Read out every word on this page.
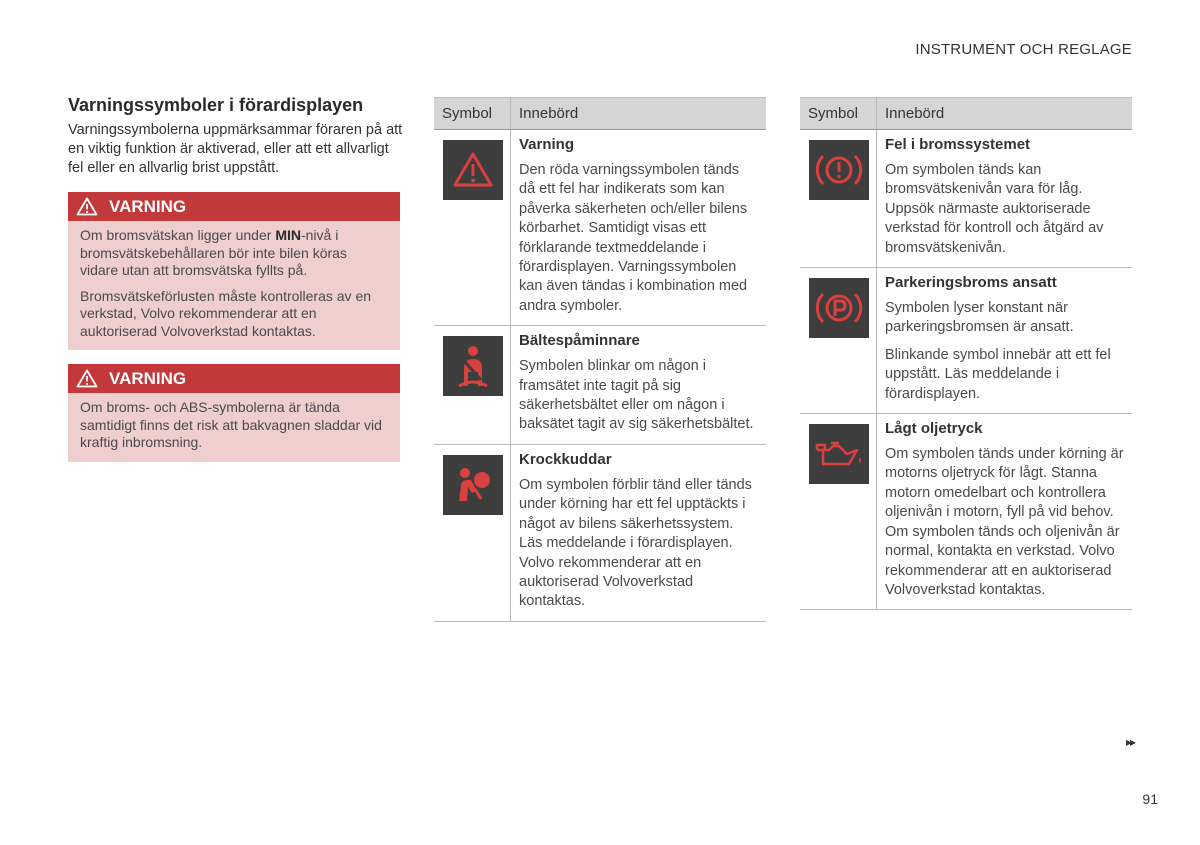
INSTRUMENT OCH REGLAGE
Varningssymboler i förardisplayen
Varningssymbolerna uppmärksammar föraren på att en viktig funktion är aktiverad, eller att ett allvarligt fel eller en allvarlig brist uppstått.
VARNING

Om bromsvätskan ligger under MIN-nivå i bromsvätskebehållaren bör inte bilen köras vidare utan att bromsvätska fyllts på.

Bromsvätskeförlusten måste kontrolleras av en verkstad, Volvo rekommenderar att en auktoriserad Volvoverkstad kontaktas.

VARNING

Om broms- och ABS-symbolerna är tända samtidigt finns det risk att bakvagnen sladdar vid kraftig inbromsning.

Symbol	Innebörd

Varning

Den röda varningssymbolen tänds då ett fel har indikerats som kan påverka säkerheten och/eller bilens körbarhet. Samtidigt visas ett förklarande textmeddelande i förardisplayen. Varningssymbolen kan även tändas i kombination med andra symboler.

Bältespåminnare

Symbolen blinkar om någon i framsätet inte tagit på sig säkerhetsbältet eller om någon i baksätet tagit av sig säkerhetsbältet.

Krockkuddar

Om symbolen förblir tänd eller tänds under körning har ett fel upptäckts i något av bilens säkerhetssystem. Läs meddelande i förardisplayen. Volvo rekommenderar att en auktoriserad Volvoverkstad kontaktas.

Symbol	Innebörd

Fel i bromssystemet

Om symbolen tänds kan bromsvätskenivån vara för låg. Uppsök närmaste auktoriserade verkstad för kontroll och åtgärd av bromsvätskenivån.

Parkeringsbroms ansatt

Symbolen lyser konstant när parkeringsbromsen är ansatt.

Blinkande symbol innebär att ett fel uppstått. Läs meddelande i förardisplayen.

Lågt oljetryck

Om symbolen tänds under körning är motorns oljetryck för lågt. Stanna motorn omedelbart och kontrollera oljenivån i motorn, fyll på vid behov. Om symbolen tänds och oljenivån är normal, kontakta en verkstad. Volvo rekommenderar att en auktoriserad Volvoverkstad kontaktas.

▸▸
91
